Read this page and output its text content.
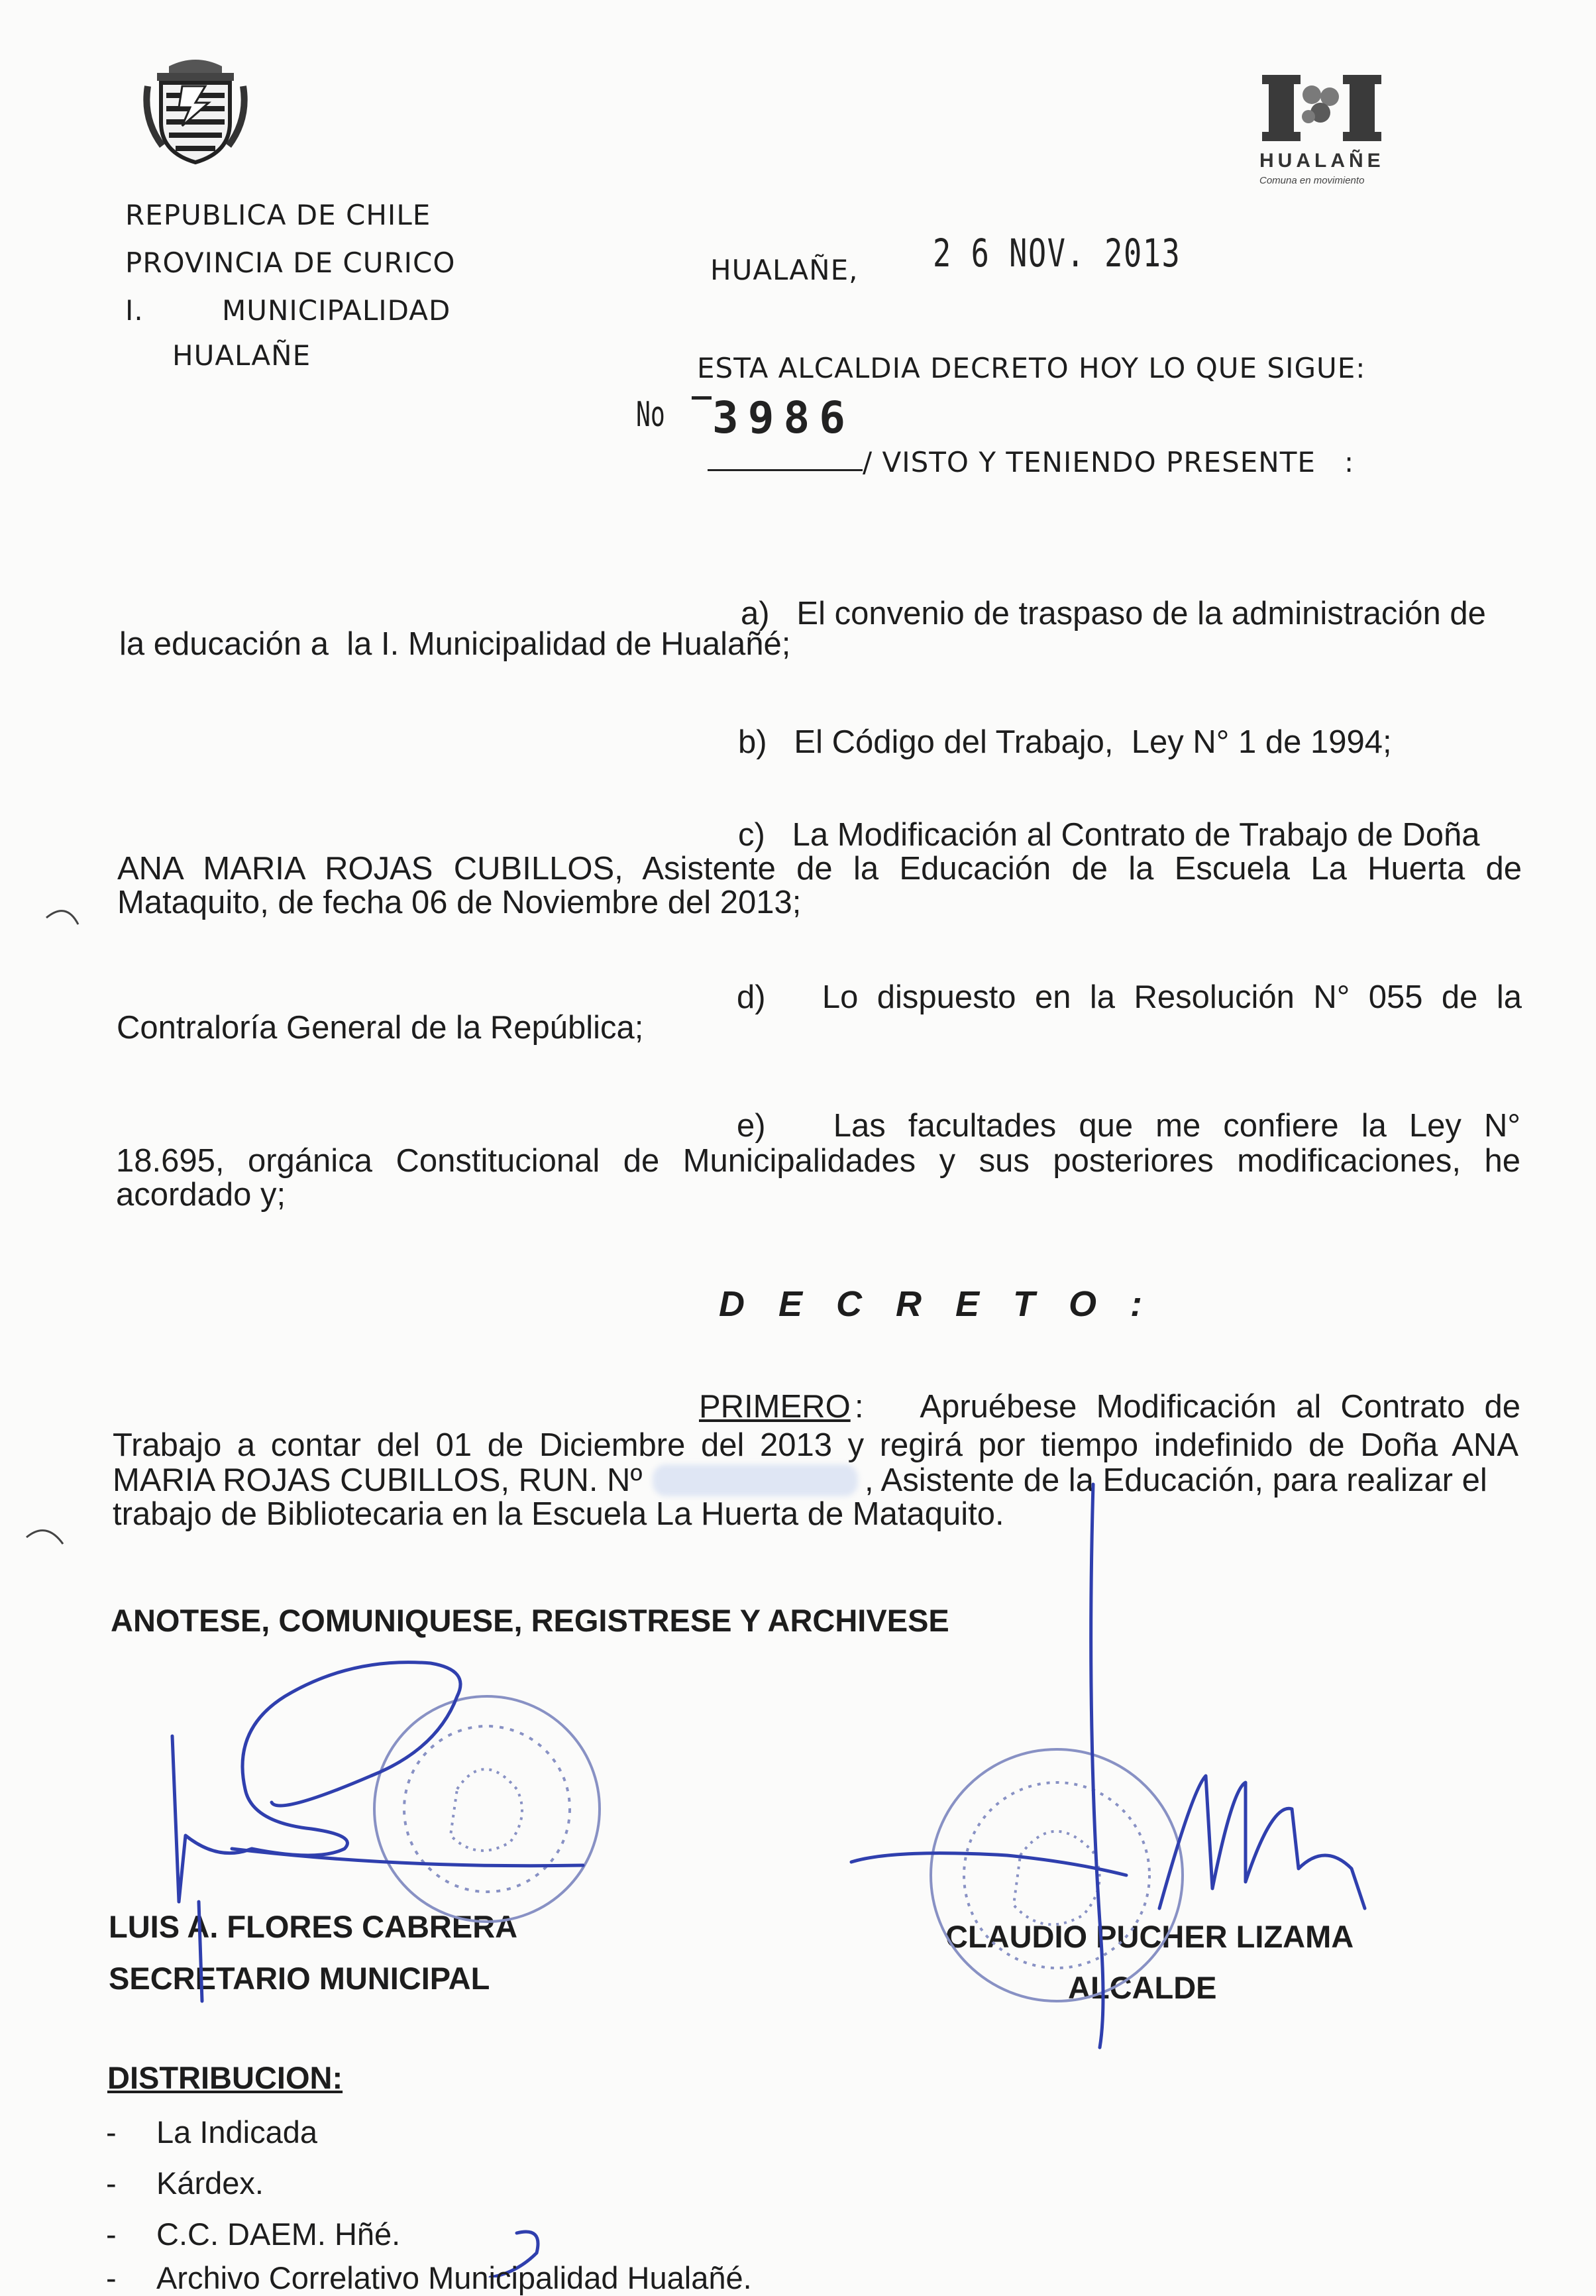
HUALAÑE
Comuna en movimiento
REPUBLICA DE CHILE
PROVINCIA DE CURICO
I.	MUNICIPALIDAD
HUALAÑE
HUALAÑE, 2 6 NOV. 2013
ESTA ALCALDIA DECRETO HOY LO QUE SIGUE:
No 3986
/ VISTO Y TENIENDO PRESENTE   :
a)   El convenio de traspaso de la administración de
la educación a  la I. Municipalidad de Hualañé;
b)   El Código del Trabajo,  Ley N° 1 de 1994;
c)   La Modificación al Contrato de Trabajo de Doña
ANA MARIA ROJAS CUBILLOS, Asistente de la Educación de la Escuela La Huerta de
Mataquito, de fecha 06 de Noviembre del 2013;
d)   Lo dispuesto en la Resolución N° 055 de la
Contraloría General de la República;
e)   Las facultades que me confiere la Ley N°
18.695, orgánica Constitucional de Municipalidades y sus posteriores modificaciones, he
acordado y;
D E C R E T O :
PRIMERO :   Apruébese Modificación al Contrato de
Trabajo a contar del 01 de Diciembre del 2013 y regirá por tiempo indefinido de Doña ANA
MARIA ROJAS CUBILLOS, RUN. Nº	, Asistente de la Educación, para realizar el
trabajo de Bibliotecaria en la Escuela La Huerta de Mataquito.
ANOTESE, COMUNIQUESE, REGISTRESE Y ARCHIVESE
LUIS A. FLORES CABRERA
SECRETARIO MUNICIPAL
CLAUDIO PUCHER LIZAMA
ALCALDE
DISTRIBUCION:
- La Indicada
- Kárdex.
- C.C. DAEM. Hñé.
- Archivo Correlativo Municipalidad Hualañé.
